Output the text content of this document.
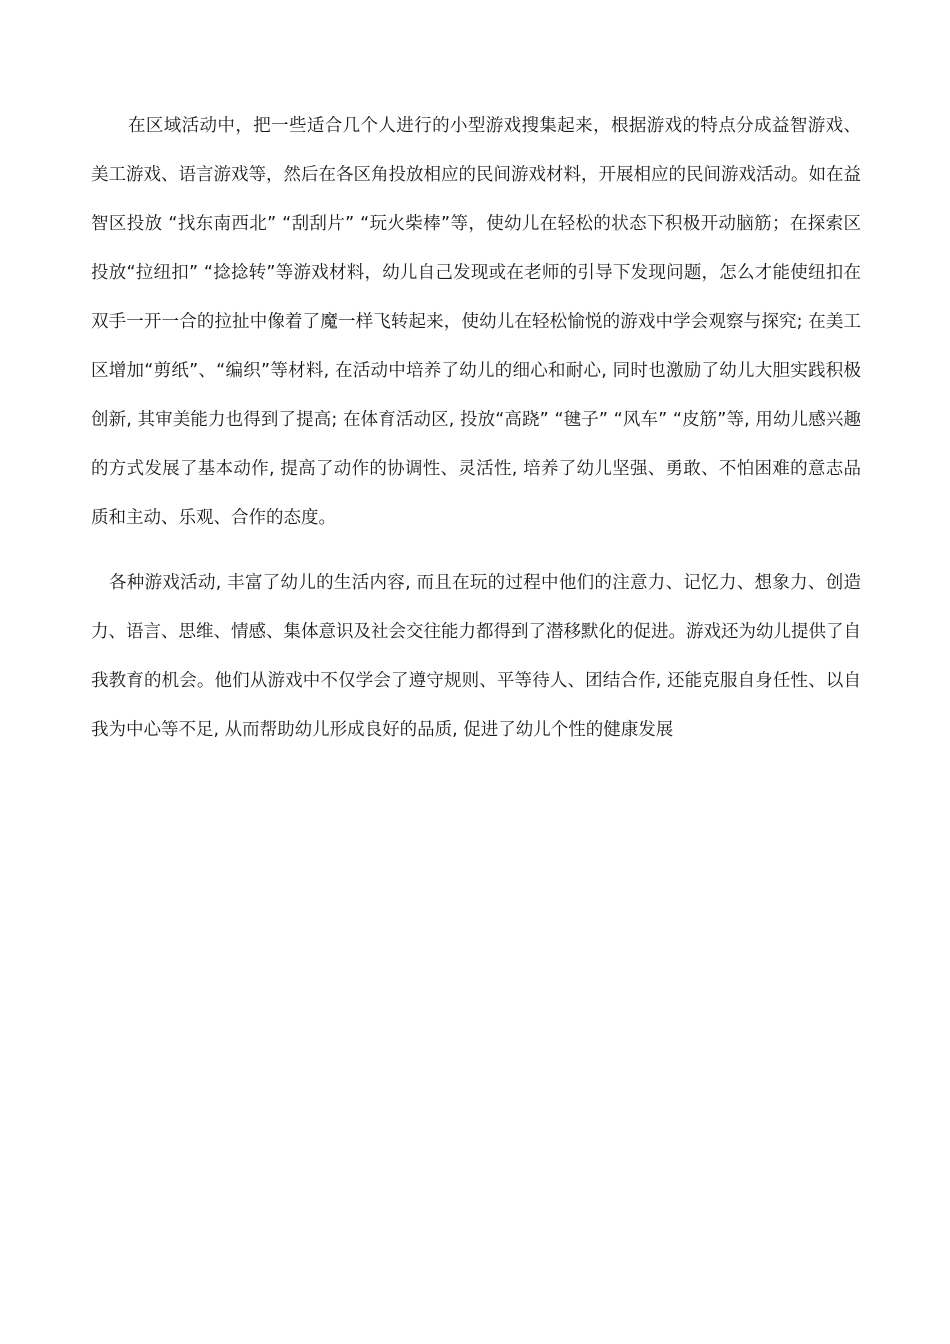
在区域活动中，把一些适合几个人进行的小型游戏搜集起来，根据游戏的特点分成益智游戏、美工游戏、语言游戏等，然后在各区角投放相应的民间游戏材料，开展相应的民间游戏活动。如在益智区投放 “找东南西北” “刮刮片” “玩火柴棒”等，使幼儿在轻松的状态下积极开动脑筋；在探索区投放“拉纽扣” “捻捻转”等游戏材料，幼儿自己发现或在老师的引导下发现问题，怎么才能使纽扣在双手一开一合的拉扯中像着了魔一样飞转起来，使幼儿在轻松愉悦的游戏中学会观察与探究; 在美工区增加“剪纸”、“编织”等材料, 在活动中培养了幼儿的细心和耐心, 同时也激励了幼儿大胆实践积极创新, 其审美能力也得到了提高; 在体育活动区, 投放“高跷” “毽子” “风车” “皮筋”等, 用幼儿感兴趣的方式发展了基本动作, 提高了动作的协调性、灵活性, 培养了幼儿坚强、勇敢、不怕困难的意志品质和主动、乐观、合作的态度。

各种游戏活动, 丰富了幼儿的生活内容, 而且在玩的过程中他们的注意力、记忆力、想象力、创造力、语言、思维、情感、集体意识及社会交往能力都得到了潜移默化的促进。游戏还为幼儿提供了自我教育的机会。他们从游戏中不仅学会了遵守规则、平等待人、团结合作, 还能克服自身任性、以自我为中心等不足, 从而帮助幼儿形成良好的品质, 促进了幼儿个性的健康发展
